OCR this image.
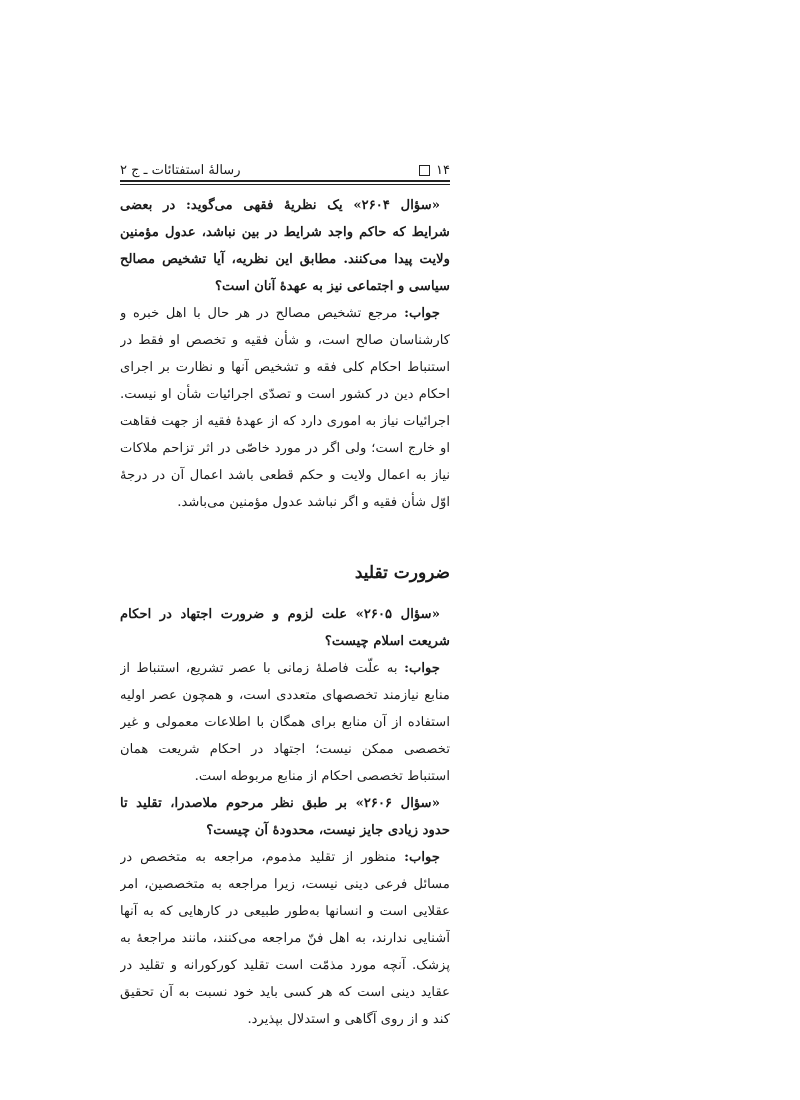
۱۴
رسالهٔ استفتائات ـ ج ۲

«سؤال ۲۶۰۴» یک نظریهٔ فقهی می‌گوید: در بعضی شرایط که حاکم واجد شرایط در بین نباشد، عدول مؤمنین ولایت پیدا می‌کنند. مطابق این نظریه، آیا تشخیص مصالح سیاسی و اجتماعی نیز به عهدهٔ آنان است؟

جواب: مرجع تشخیص مصالح در هر حال با اهل خبره و کارشناسان صالح است، و شأن فقیه و تخصص او فقط در استنباط احکام کلی فقه و تشخیص آنها و نظارت بر اجرای احکام دین در کشور است و تصدّی اجرائیات شأن او نیست. اجرائیات نیاز به اموری دارد که از عهدهٔ فقیه از جهت فقاهت او خارج است؛ ولی اگر در مورد خاصّی در اثر تزاحم ملاکات نیاز به اعمال ولایت و حکم قطعی باشد اعمال آن در درجهٔ اوّل شأن فقیه و اگر نباشد عدول مؤمنین می‌باشد.

ضرورت تقلید

«سؤال ۲۶۰۵» علت لزوم و ضرورت اجتهاد در احکام شریعت اسلام چیست؟

جواب: به علّت فاصلهٔ زمانی با عصر تشریع، استنباط از منابع نیازمند تخصصهای متعددی است، و همچون عصر اولیه استفاده از آن منابع برای همگان با اطلاعات معمولی و غیر تخصصی ممکن نیست؛ اجتهاد در احکام شریعت همان استنباط تخصصی احکام از منابع مربوطه است.

«سؤال ۲۶۰۶» بر طبق نظر مرحوم ملاصدرا، تقلید تا حدود زیادی جایز نیست، محدودهٔ آن چیست؟

جواب: منظور از تقلید مذموم، مراجعه به متخصص در مسائل فرعی دینی نیست، زیرا مراجعه به متخصصین، امر عقلایی است و انسانها به‌طور طبیعی در کارهایی که به آنها آشنایی ندارند، به اهل فنّ مراجعه می‌کنند، مانند مراجعهٔ به پزشک. آنچه مورد مذمّت است تقلید کورکورانه و تقلید در عقاید دینی است که هر کسی باید خود نسبت به آن تحقیق کند و از روی آگاهی و استدلال بپذیرد.
